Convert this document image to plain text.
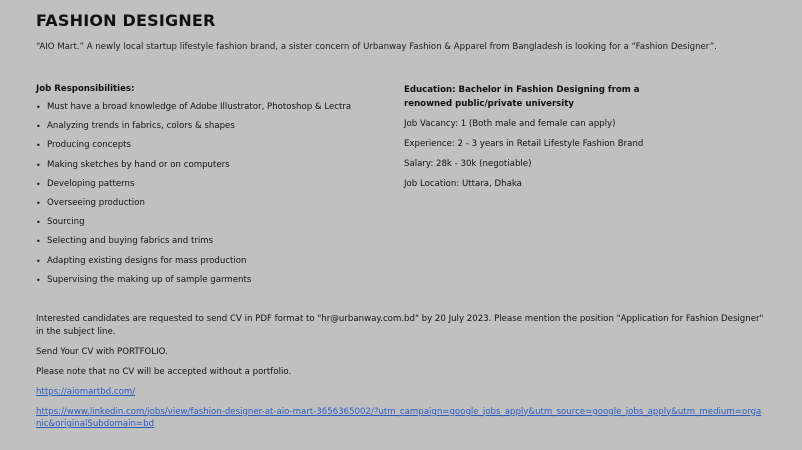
FASHION DESIGNER
“AIO Mart.” A newly local startup lifestyle fashion brand, a sister concern of Urbanway Fashion & Apparel from Bangladesh is looking for a “Fashion Designer”.
Job Responsibilities:
• Must have a broad knowledge of Adobe Illustrator, Photoshop & Lectra
• Analyzing trends in fabrics, colors & shapes
• Producing concepts
• Making sketches by hand or on computers
• Developing patterns
• Overseeing production
• Sourcing
• Selecting and buying fabrics and trims
• Adapting existing designs for mass production
• Supervising the making up of sample garments
Education: Bachelor in Fashion Designing from a renowned public/private university

Job Vacancy: 1 (Both male and female can apply)

Experience: 2 - 3 years in Retail Lifestyle Fashion Brand

Salary: 28k - 30k (negotiable)

Job Location: Uttara, Dhaka

Interested candidates are requested to send CV in PDF format to "hr@urbanway.com.bd" by 20 July 2023. Please mention the position "Application for Fashion Designer" in the subject line.

Send Your CV with PORTFOLIO.

Please note that no CV will be accepted without a portfolio.

https://aiomartbd.com/

https://www.linkedin.com/jobs/view/fashion-designer-at-aio-mart-3656365002/?utm_campaign=google_jobs_apply&utm_source=google_jobs_apply&utm_medium=organic&originalSubdomain=bd
